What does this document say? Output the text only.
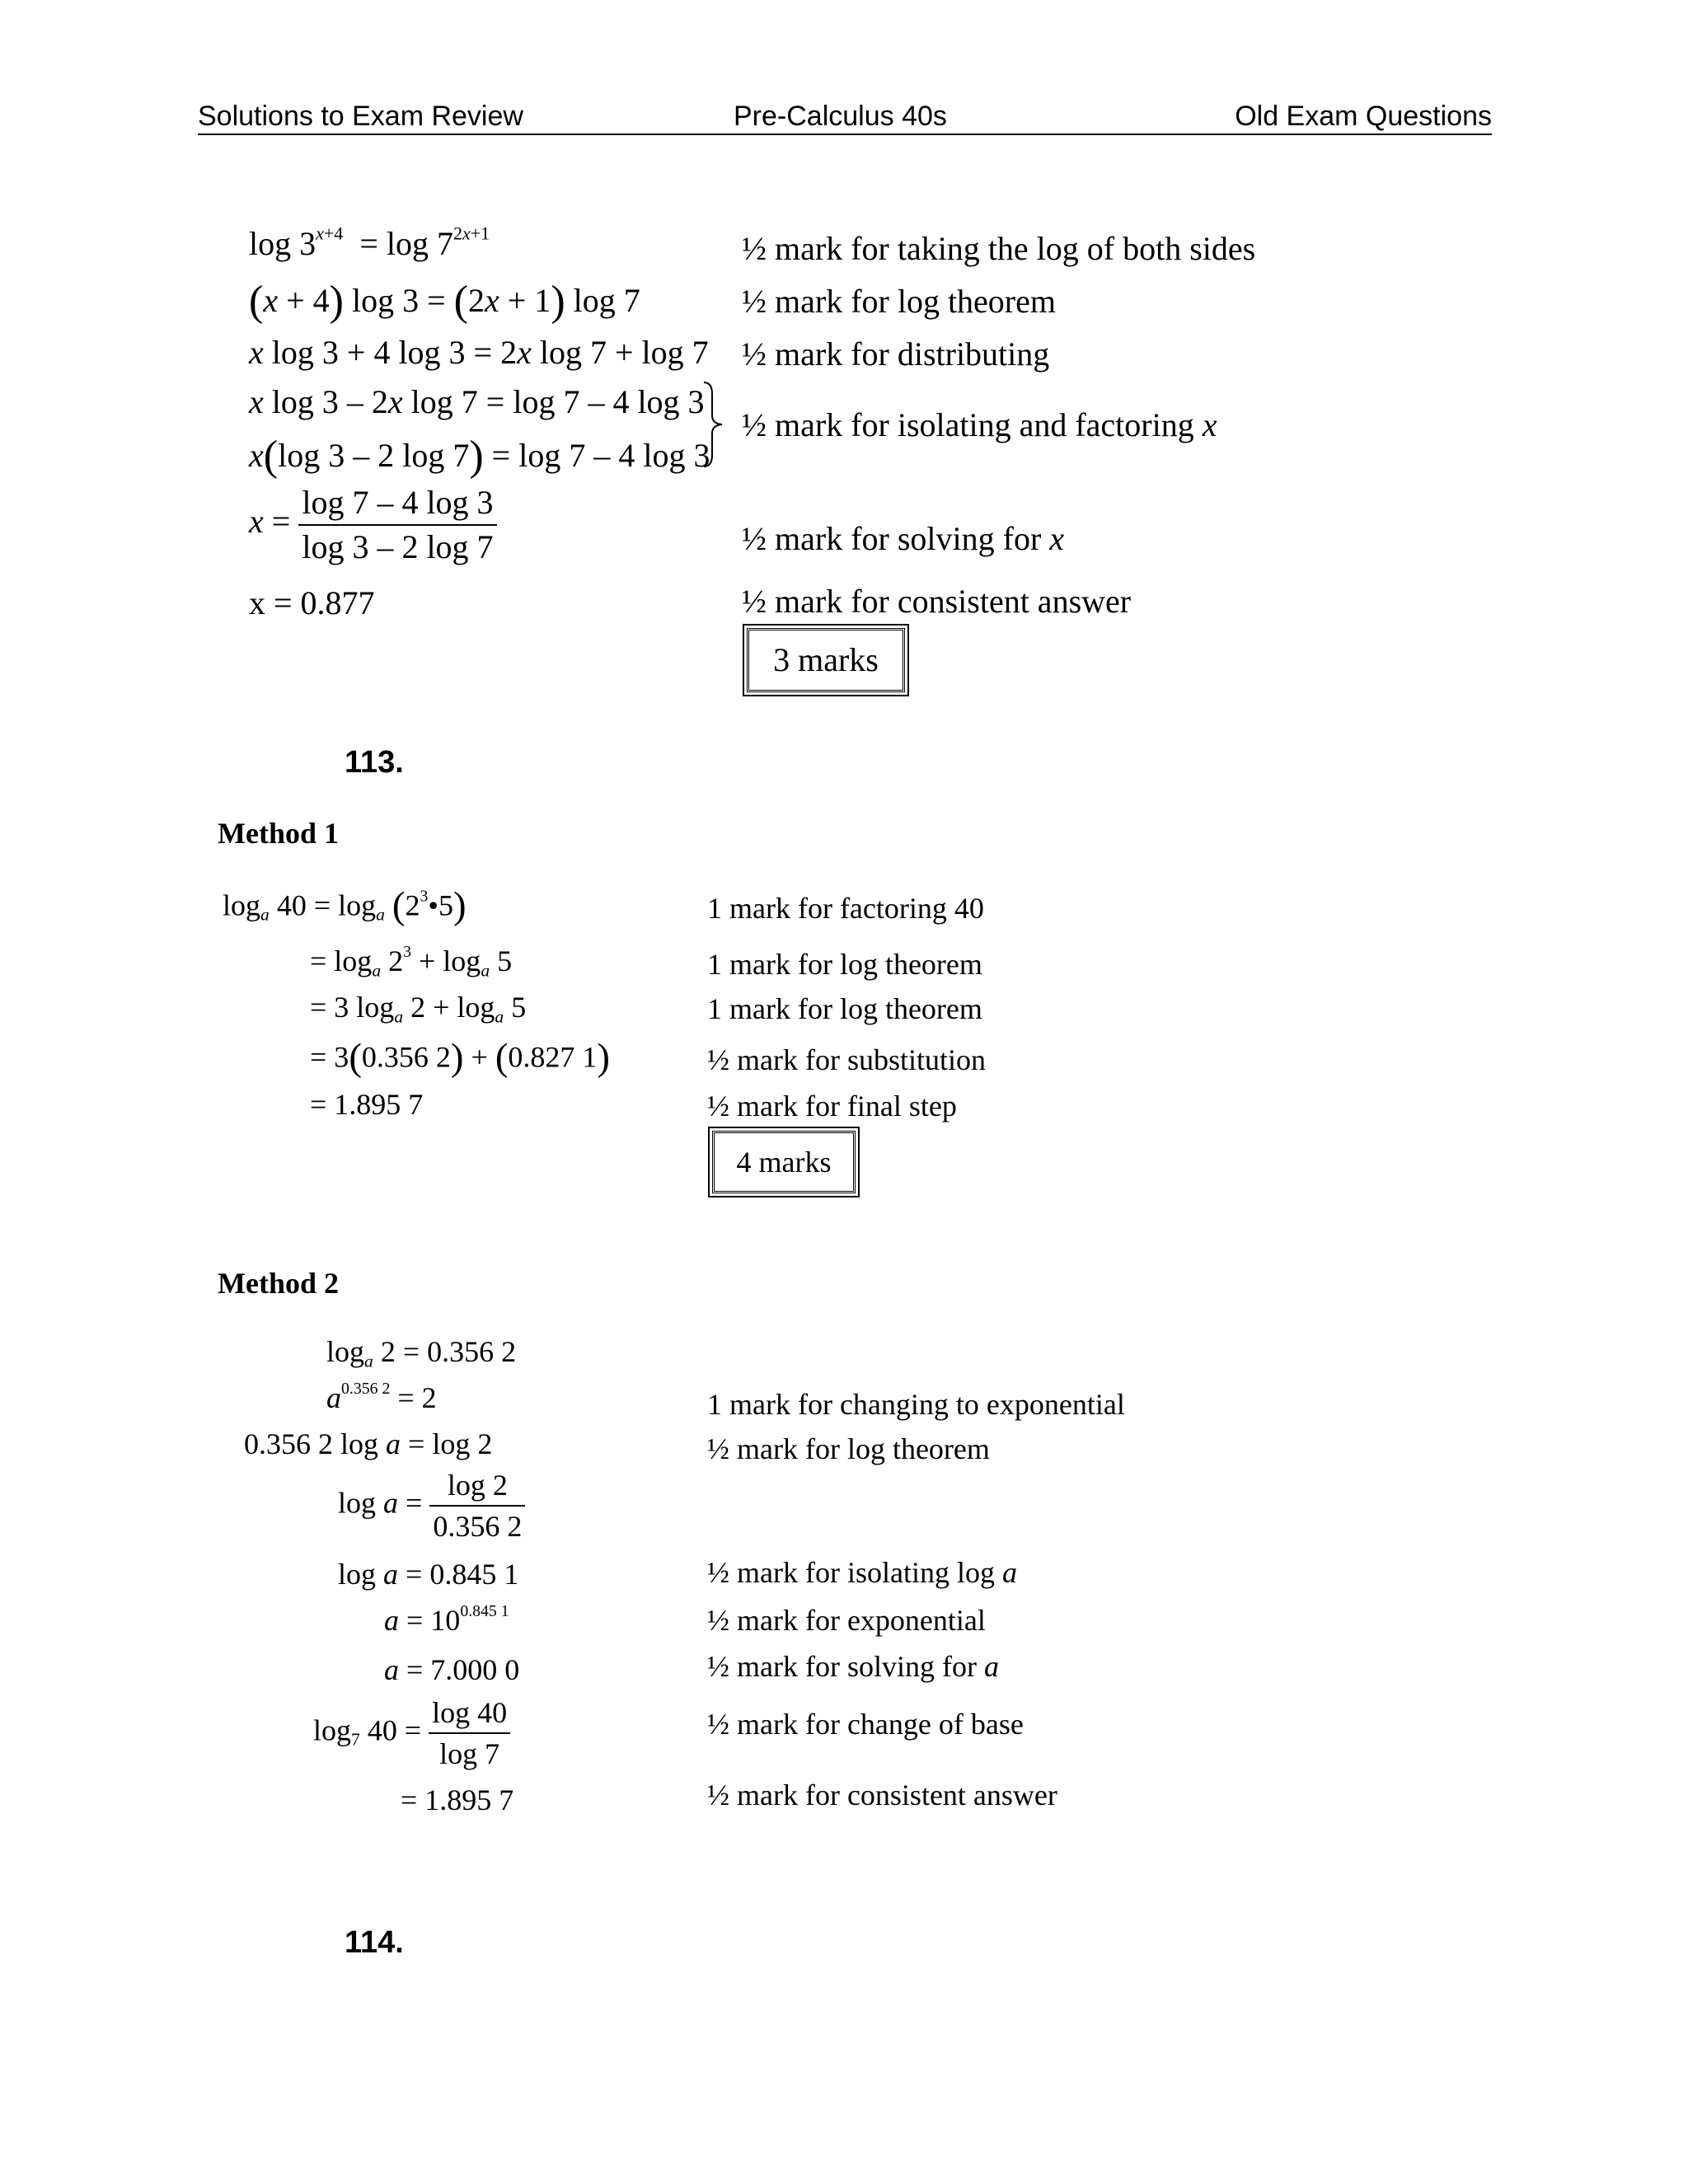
Solutions to Exam Review	Pre-Calculus 40s	Old Exam Questions
$\log 3^{x+4} = \log 7^{2x+1}$
(x + 4) log 3 = (2x + 1) log 7
x log 3 + 4 log 3 = 2x log 7 + log 7
x log 3 – 2x log 7 = log 7 – 4 log 3
x(log 3 – 2 log 7) = log 7 – 4 log 3
$x = \frac{\log 7 - 4 \log 3}{\log 3 - 2 \log 7}$
x = 0.877
½ mark for taking the log of both sides
½ mark for log theorem
½ mark for distributing
½ mark for isolating and factoring x
½ mark for solving for x
½ mark for consistent answer
3 marks
113.
Method 1
$\log_a 40 = \log_a$ $(2^3•5)$
= $\log_a 2^3 + \log_a 5$
= 3 $\log_a 2 + \log_a 5$
= 3(0.356 2) + (0.827 1)
= 1.895 7
1 mark for factoring 40
1 mark for log theorem
1 mark for log theorem
½ mark for substitution
½ mark for final step
4 marks
Method 2
$\log_a 2 = 0.356$ 2
$a^{0.356 2} = 2$
0.356 2 log a = log 2
$\log a = \frac{\log 2}{0.356 2}$
log a = 0.845 1
$a = 10^{0.845 1}$
a = 7.000 0
$\log_7 40 = \frac{\log 40}{\log 7}$
= 1.895 7
1 mark for changing to exponential
½ mark for log theorem
½ mark for isolating log a
½ mark for exponential
½ mark for solving for a
½ mark for change of base
½ mark for consistent answer
114.
